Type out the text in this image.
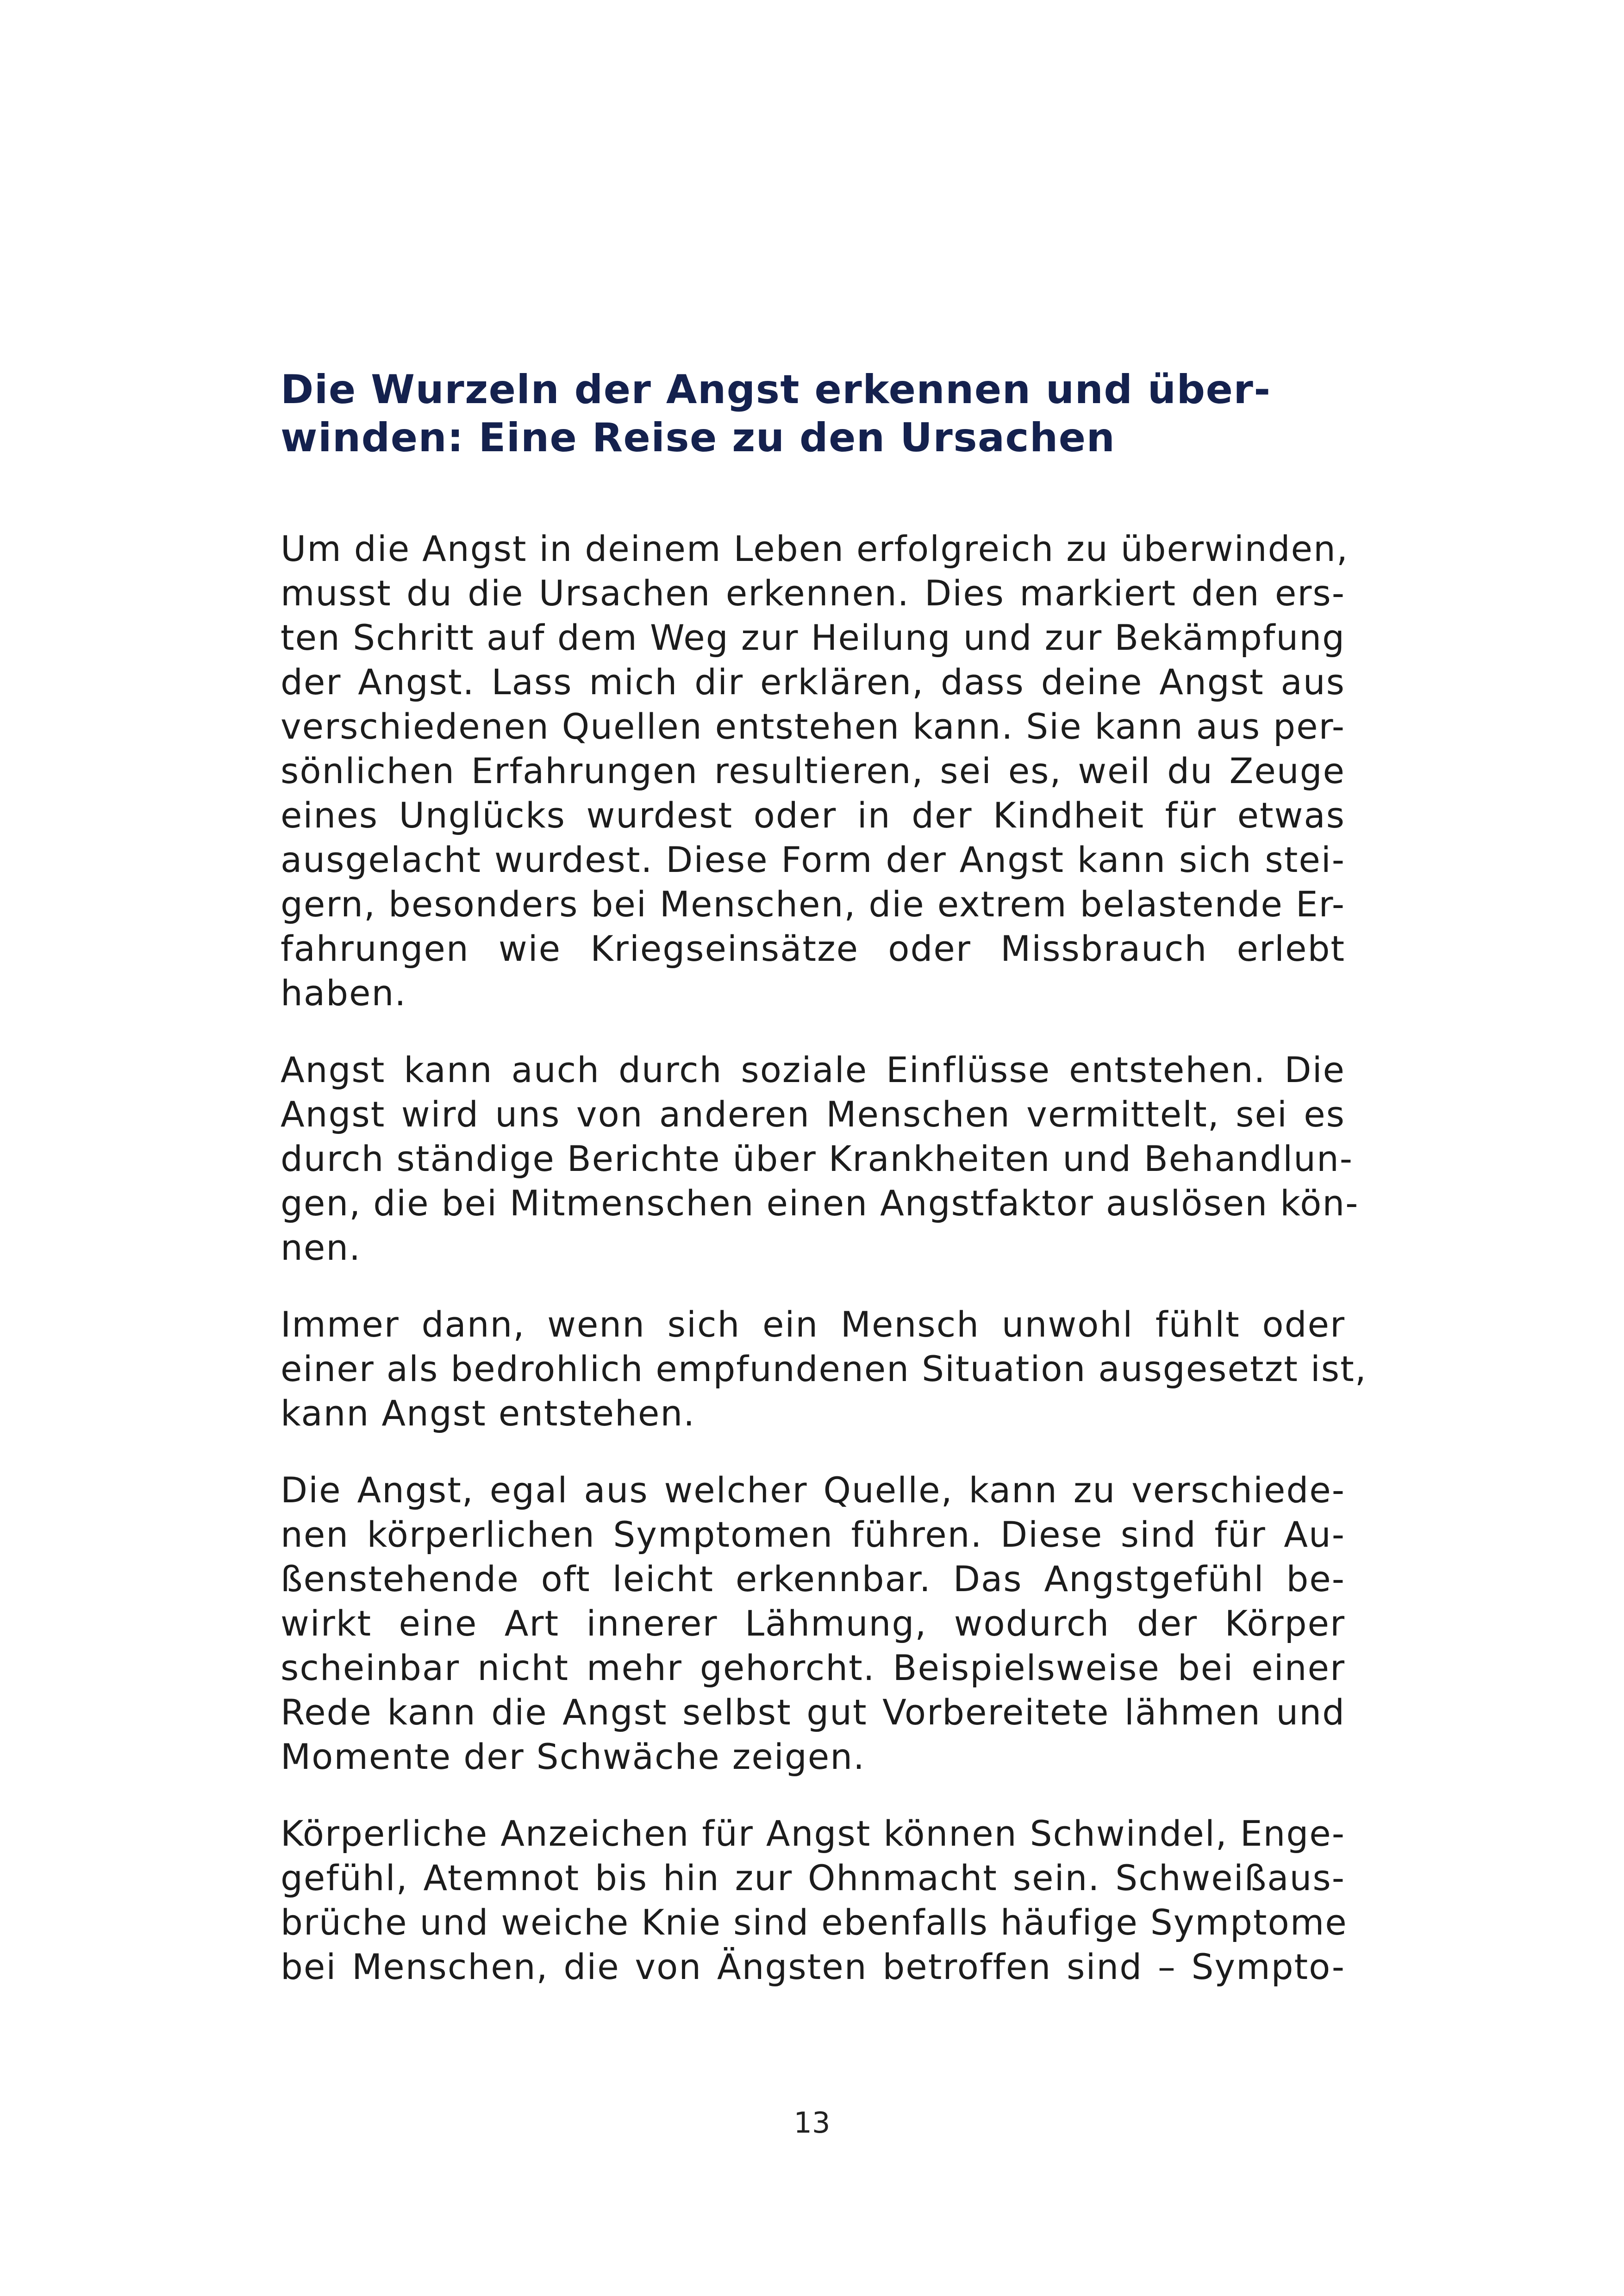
Die Wurzeln der Angst erkennen und über-
winden: Eine Reise zu den Ursachen

Um die Angst in deinem Leben erfolgreich zu überwinden,
musst du die Ursachen erkennen. Dies markiert den ers-
ten Schritt auf dem Weg zur Heilung und zur Bekämpfung
der Angst. Lass mich dir erklären, dass deine Angst aus
verschiedenen Quellen entstehen kann. Sie kann aus per-
sönlichen Erfahrungen resultieren, sei es, weil du Zeuge
eines Unglücks wurdest oder in der Kindheit für etwas
ausgelacht wurdest. Diese Form der Angst kann sich stei-
gern, besonders bei Menschen, die extrem belastende Er-
fahrungen wie Kriegseinsätze oder Missbrauch erlebt
haben.

Angst kann auch durch soziale Einflüsse entstehen. Die
Angst wird uns von anderen Menschen vermittelt, sei es
durch ständige Berichte über Krankheiten und Behandlun-
gen, die bei Mitmenschen einen Angstfaktor auslösen kön-
nen.

Immer dann, wenn sich ein Mensch unwohl fühlt oder
einer als bedrohlich empfundenen Situation ausgesetzt ist,
kann Angst entstehen.

Die Angst, egal aus welcher Quelle, kann zu verschiede-
nen körperlichen Symptomen führen. Diese sind für Au-
ßenstehende oft leicht erkennbar. Das Angstgefühl be-
wirkt eine Art innerer Lähmung, wodurch der Körper
scheinbar nicht mehr gehorcht. Beispielsweise bei einer
Rede kann die Angst selbst gut Vorbereitete lähmen und
Momente der Schwäche zeigen.

Körperliche Anzeichen für Angst können Schwindel, Enge-
gefühl, Atemnot bis hin zur Ohnmacht sein. Schweißaus-
brüche und weiche Knie sind ebenfalls häufige Symptome
bei Menschen, die von Ängsten betroffen sind – Sympto-

13
